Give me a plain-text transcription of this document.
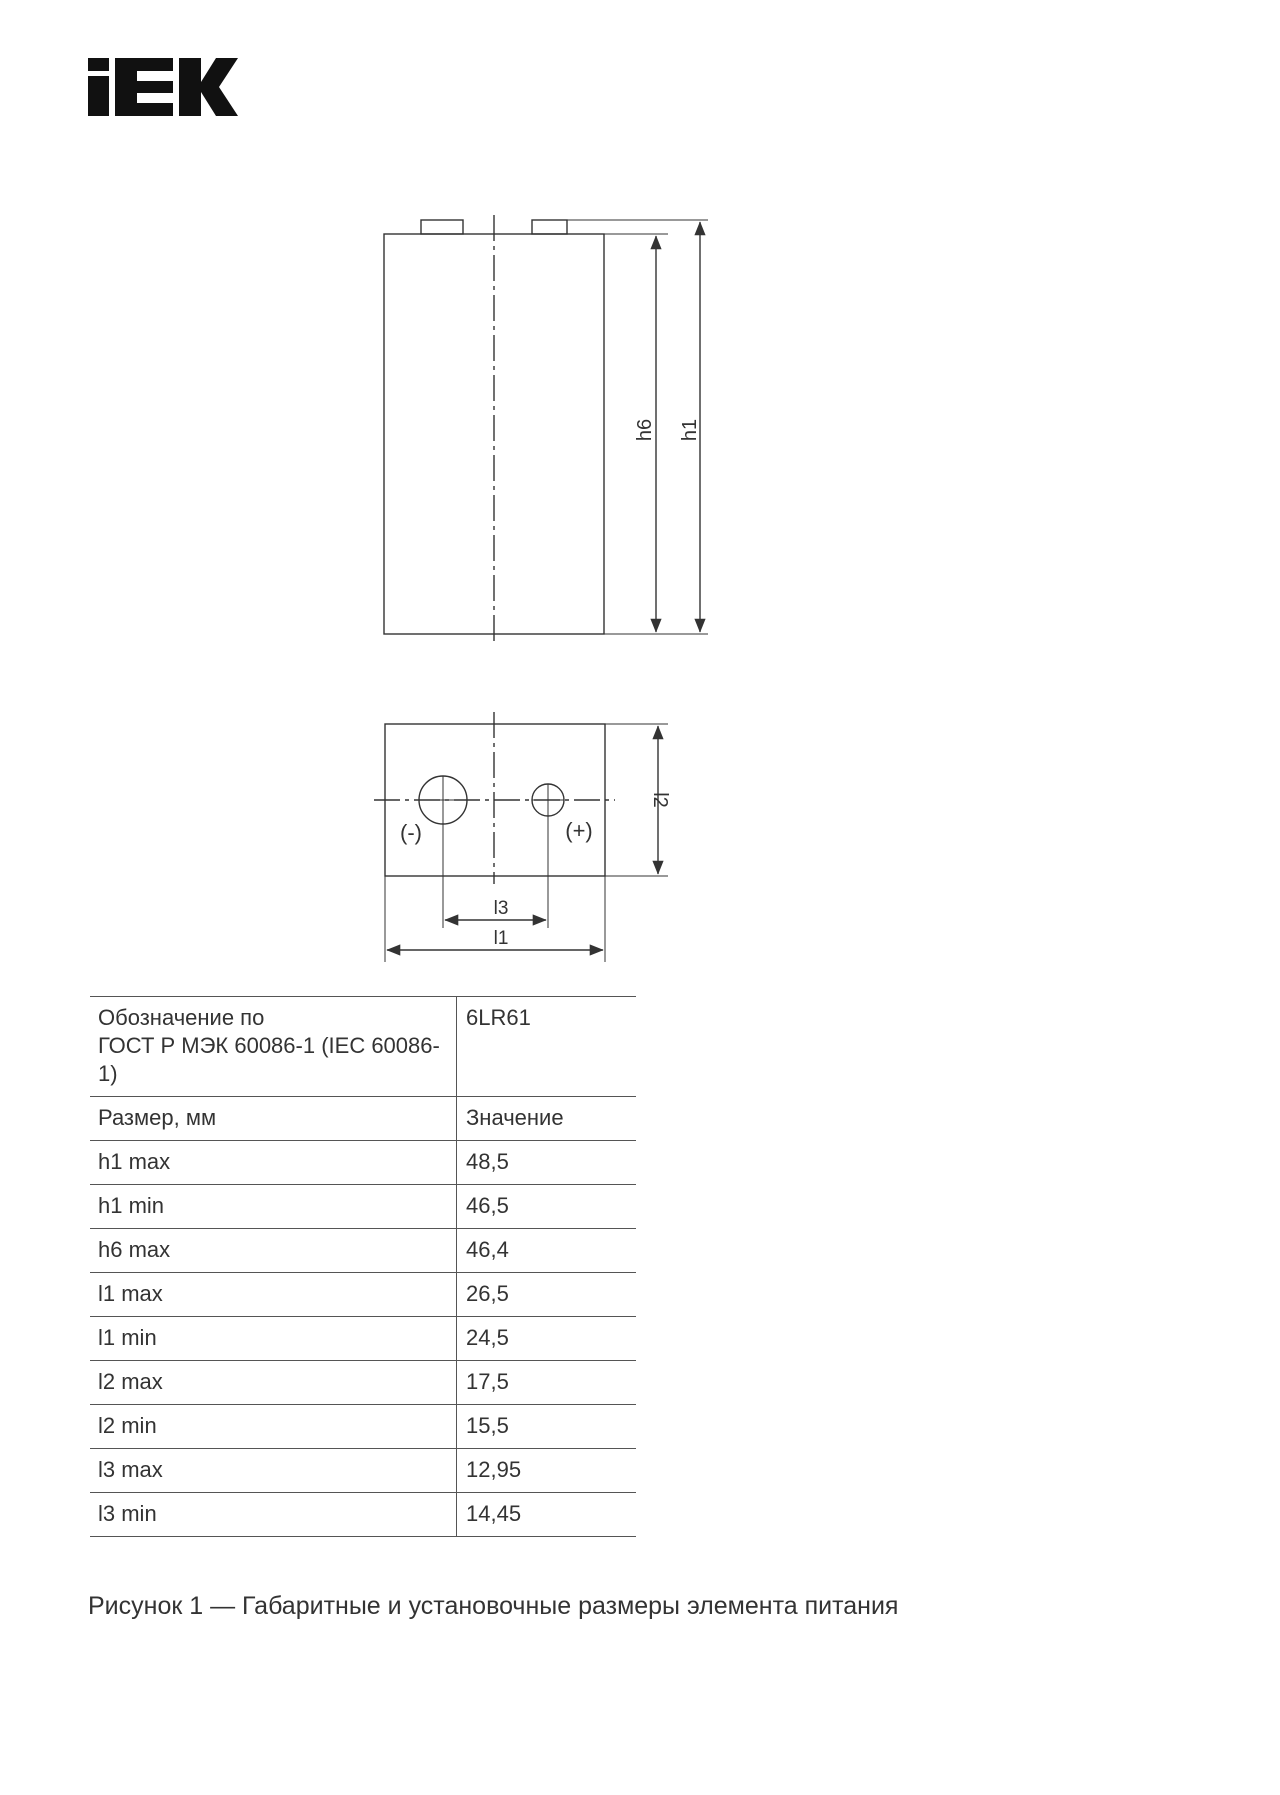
h6 h1
(-)	(+)
l2
l3
l1
Обозначение по
ГОСТ Р МЭК 60086-1 (IEC 60086-1)	6LR61
Размер, мм	Значение
h1 max	48,5
h1 min	46,5
h6 max	46,4
l1 max	26,5
l1 min	24,5
l2 max	17,5
l2 min	15,5
l3 max	12,95
l3 min	14,45
Рисунок 1 — Габаритные и установочные размеры элемента питания
